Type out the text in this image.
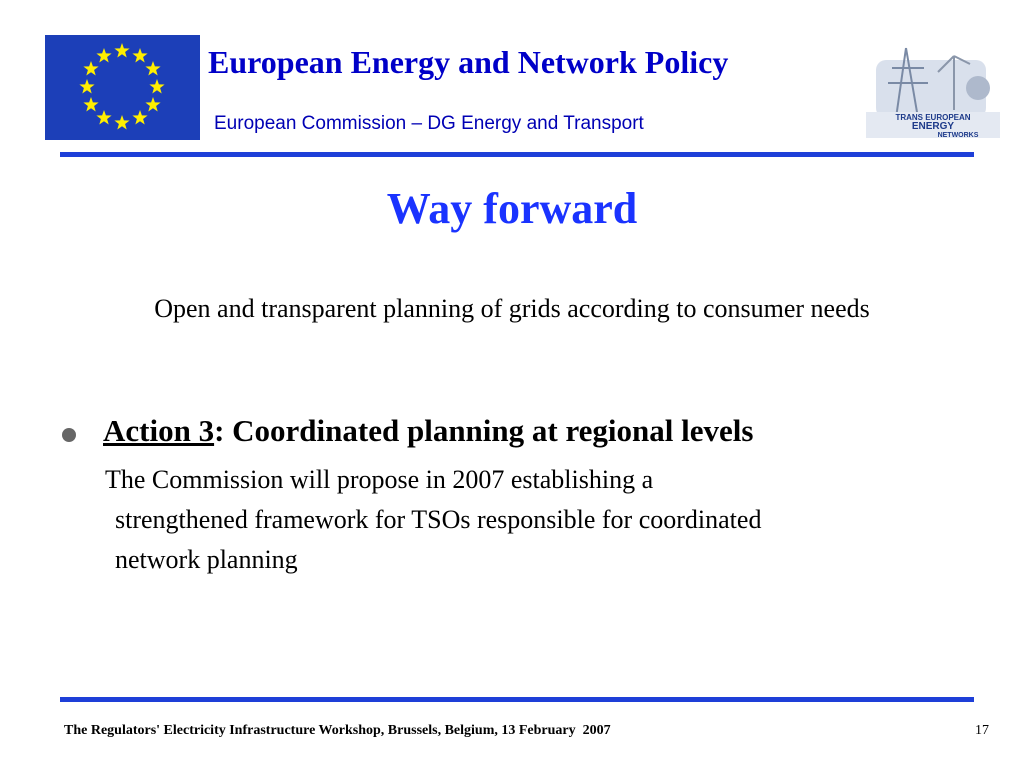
European Energy and Network Policy
European Commission – DG Energy and Transport	TRANS EUROPEAN
ENERGY
NETWORKS
Way forward
Open and transparent planning of grids according to consumer needs
Action 3: Coordinated planning at regional levels
The Commission will propose in 2007 establishing a
strengthened framework for TSOs responsible for coordinated
network planning
The Regulators' Electricity Infrastructure Workshop, Brussels, Belgium, 13 February  2007	17
